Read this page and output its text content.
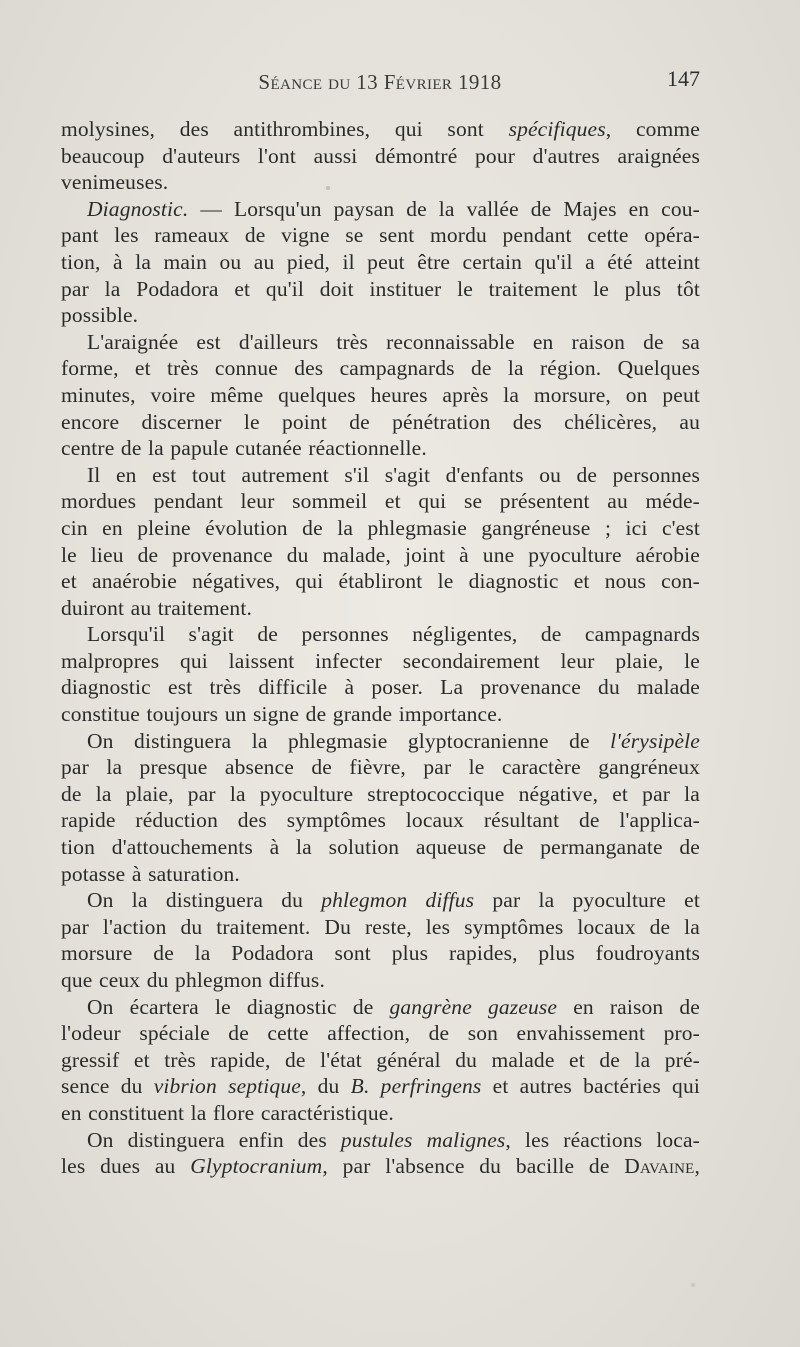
Séance du 13 Février 1918	147
molysines, des antithrombines, qui sont spécifiques, comme
beaucoup d'auteurs l'ont aussi démontré pour d'autres araignées
venimeuses.
Diagnostic. — Lorsqu'un paysan de la vallée de Majes en cou-
pant les rameaux de vigne se sent mordu pendant cette opéra-
tion, à la main ou au pied, il peut être certain qu'il a été atteint
par la Podadora et qu'il doit instituer le traitement le plus tôt
possible.
L'araignée est d'ailleurs très reconnaissable en raison de sa
forme, et très connue des campagnards de la région. Quelques
minutes, voire même quelques heures après la morsure, on peut
encore discerner le point de pénétration des chélicères, au
centre de la papule cutanée réactionnelle.
Il en est tout autrement s'il s'agit d'enfants ou de personnes
mordues pendant leur sommeil et qui se présentent au méde-
cin en pleine évolution de la phlegmasie gangréneuse ; ici c'est
le lieu de provenance du malade, joint à une pyoculture aérobie
et anaérobie négatives, qui établiront le diagnostic et nous con-
duiront au traitement.
Lorsqu'il s'agit de personnes négligentes, de campagnards
malpropres qui laissent infecter secondairement leur plaie, le
diagnostic est très difficile à poser. La provenance du malade
constitue toujours un signe de grande importance.
On distinguera la phlegmasie glyptocranienne de l'érysipèle
par la presque absence de fièvre, par le caractère gangréneux
de la plaie, par la pyoculture streptococcique négative, et par la
rapide réduction des symptômes locaux résultant de l'applica-
tion d'attouchements à la solution aqueuse de permanganate de
potasse à saturation.
On la distinguera du phlegmon diffus par la pyoculture et
par l'action du traitement. Du reste, les symptômes locaux de la
morsure de la Podadora sont plus rapides, plus foudroyants
que ceux du phlegmon diffus.
On écartera le diagnostic de gangrène gazeuse en raison de
l'odeur spéciale de cette affection, de son envahissement pro-
gressif et très rapide, de l'état général du malade et de la pré-
sence du vibrion septique, du B. perfringens et autres bactéries qui
en constituent la flore caractéristique.
On distinguera enfin des pustules malignes, les réactions loca-
les dues au Glyptocranium, par l'absence du bacille de Davaine,
